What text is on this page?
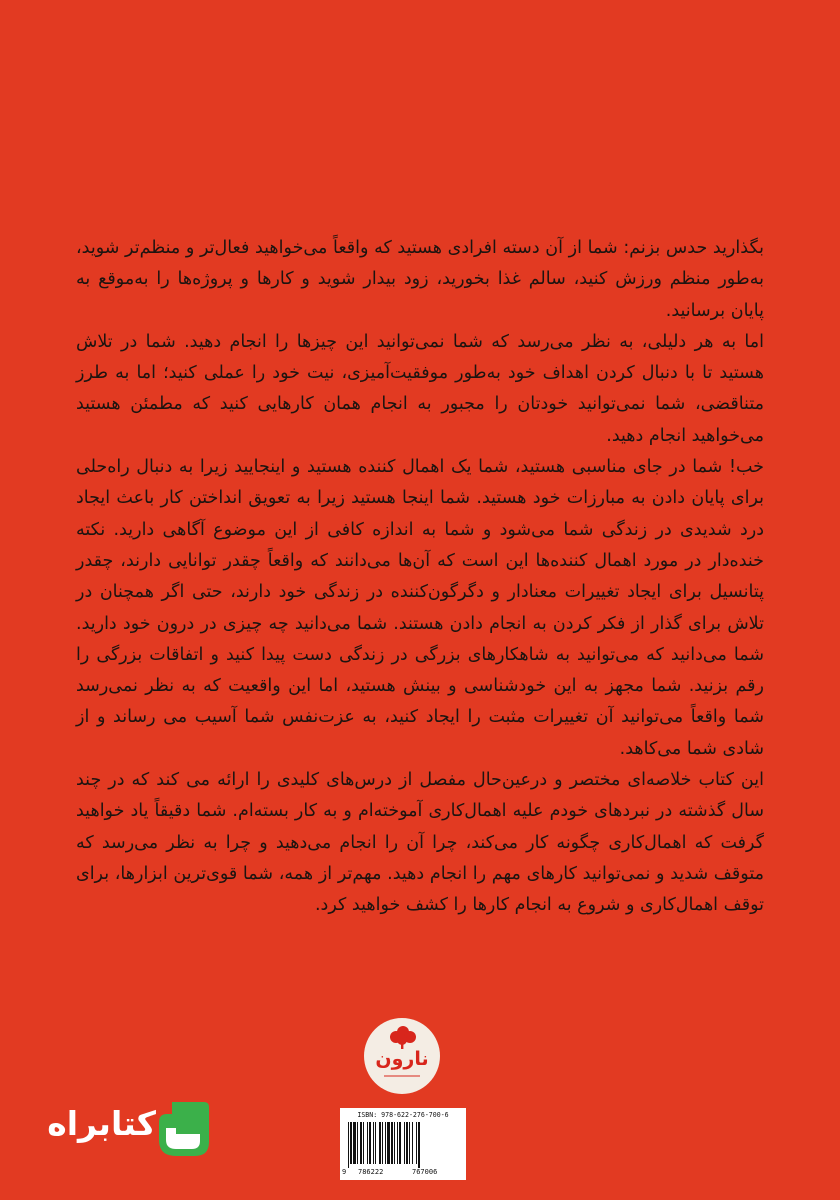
بگذارید حدس بزنم: شما از آن دسته افرادی هستید که واقعاً می‌خواهید فعال‌تر و منظم‌تر شوید، به‌طور منظم ورزش کنید، سالم غذا بخورید، زود بیدار شوید و کارها و پروژه‌ها را به‌موقع به پایان برسانید.

اما به هر دلیلی، به نظر می‌رسد که شما نمی‌توانید این چیزها را انجام دهید. شما در تلاش هستید تا با دنبال کردن اهداف خود به‌طور موفقیت‌آمیزی، نیت خود را عملی کنید؛ اما به طرز متناقضی، شما نمی‌توانید خودتان را مجبور به انجام همان کارهایی کنید که مطمئن هستید می‌خواهید انجام دهید.

خب! شما در جای مناسبی هستید، شما یک اهمال کننده هستید و اینجایید زیرا به دنبال راه‌حلی برای پایان دادن به مبارزات خود هستید. شما اینجا هستید زیرا به تعویق انداختن کار باعث ایجاد درد شدیدی در زندگی شما می‌شود و شما به اندازه کافی از این موضوع آگاهی دارید. نکته خنده‌دار در مورد اهمال کننده‌ها این است که آن‌ها می‌دانند که واقعاً چقدر توانایی دارند، چقدر پتانسیل برای ایجاد تغییرات معنادار و دگرگون‌کننده در زندگی خود دارند، حتی اگر همچنان در تلاش برای گذار از فکر کردن به انجام دادن هستند. شما می‌دانید چه چیزی در درون خود دارید. شما می‌دانید که می‌توانید به شاهکارهای بزرگی در زندگی دست پیدا کنید و اتفاقات بزرگی را رقم بزنید. شما مجهز به این خودشناسی و بینش هستید، اما این واقعیت که به نظر نمی‌رسد شما واقعاً می‌توانید آن تغییرات مثبت را ایجاد کنید، به عزت‌نفس شما آسیب می رساند و از شادی شما می‌کاهد.

این کتاب خلاصه‌ای مختصر و درعین‌حال مفصل از درس‌های کلیدی را ارائه می کند که در چند سال گذشته در نبردهای خودم علیه اهمال‌کاری آموخته‌ام و به کار بسته‌ام. شما دقیقاً یاد خواهید گرفت که اهمال‌کاری چگونه کار می‌کند، چرا آن را انجام می‌دهید و چرا به نظر می‌رسد که متوقف شدید و نمی‌توانید کارهای مهم را انجام دهید. مهم‌تر از همه، شما قوی‌ترین ابزارها، برای توقف اهمال‌کاری و شروع به انجام کارها را کشف خواهید کرد.

نارون
ISBN: 978-622-276-700-6
9 786222	767006
کتابراه
